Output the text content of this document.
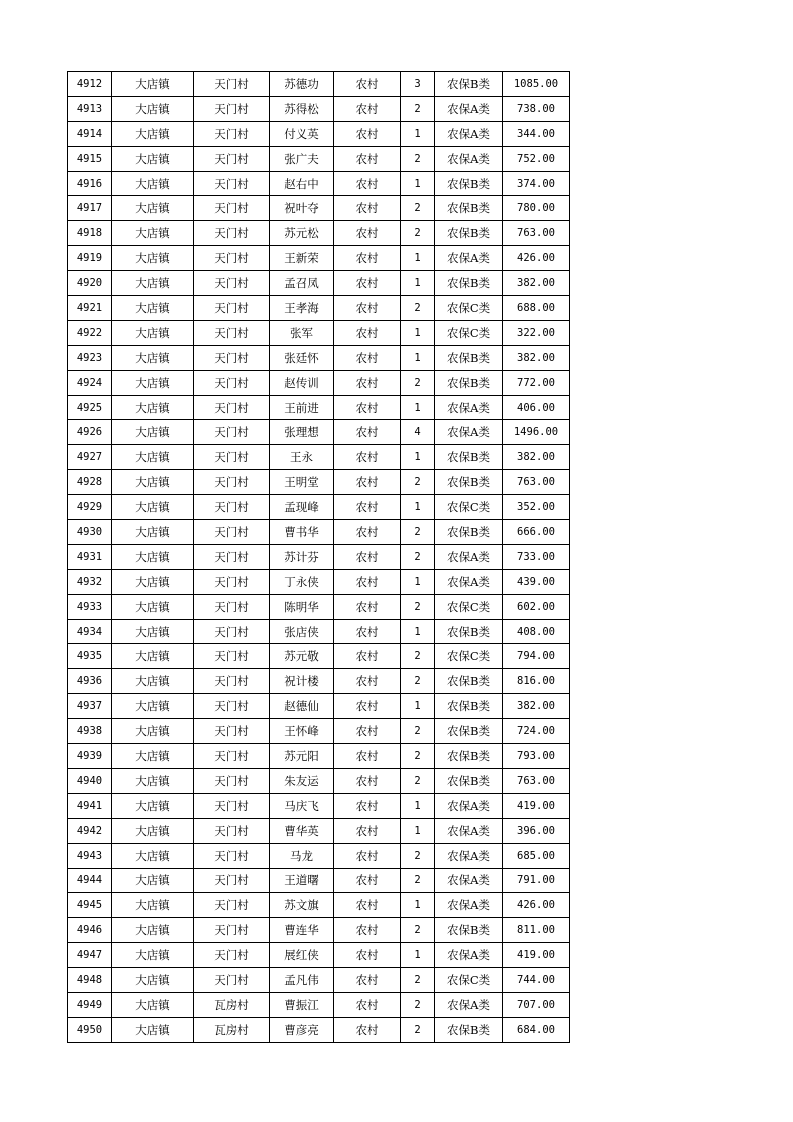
4912	大店镇	天门村	苏德功	农村	3	农保B类	1085.00
4913	大店镇	天门村	苏得松	农村	2	农保A类	738.00
4914	大店镇	天门村	付义英	农村	1	农保A类	344.00
4915	大店镇	天门村	张广夫	农村	2	农保A类	752.00
4916	大店镇	天门村	赵右中	农村	1	农保B类	374.00
4917	大店镇	天门村	祝叶夺	农村	2	农保B类	780.00
4918	大店镇	天门村	苏元松	农村	2	农保B类	763.00
4919	大店镇	天门村	王新荣	农村	1	农保A类	426.00
4920	大店镇	天门村	孟召凤	农村	1	农保B类	382.00
4921	大店镇	天门村	王孝海	农村	2	农保C类	688.00
4922	大店镇	天门村	张军	农村	1	农保C类	322.00
4923	大店镇	天门村	张廷怀	农村	1	农保B类	382.00
4924	大店镇	天门村	赵传训	农村	2	农保B类	772.00
4925	大店镇	天门村	王前进	农村	1	农保A类	406.00
4926	大店镇	天门村	张理想	农村	4	农保A类	1496.00
4927	大店镇	天门村	王永	农村	1	农保B类	382.00
4928	大店镇	天门村	王明堂	农村	2	农保B类	763.00
4929	大店镇	天门村	孟现峰	农村	1	农保C类	352.00
4930	大店镇	天门村	曹书华	农村	2	农保B类	666.00
4931	大店镇	天门村	苏计芬	农村	2	农保A类	733.00
4932	大店镇	天门村	丁永侠	农村	1	农保A类	439.00
4933	大店镇	天门村	陈明华	农村	2	农保C类	602.00
4934	大店镇	天门村	张店侠	农村	1	农保B类	408.00
4935	大店镇	天门村	苏元敬	农村	2	农保C类	794.00
4936	大店镇	天门村	祝计楼	农村	2	农保B类	816.00
4937	大店镇	天门村	赵德仙	农村	1	农保B类	382.00
4938	大店镇	天门村	王怀峰	农村	2	农保B类	724.00
4939	大店镇	天门村	苏元阳	农村	2	农保B类	793.00
4940	大店镇	天门村	朱友运	农村	2	农保B类	763.00
4941	大店镇	天门村	马庆飞	农村	1	农保A类	419.00
4942	大店镇	天门村	曹华英	农村	1	农保A类	396.00
4943	大店镇	天门村	马龙	农村	2	农保A类	685.00
4944	大店镇	天门村	王道曙	农村	2	农保A类	791.00
4945	大店镇	天门村	苏文旗	农村	1	农保A类	426.00
4946	大店镇	天门村	曹连华	农村	2	农保B类	811.00
4947	大店镇	天门村	展红侠	农村	1	农保A类	419.00
4948	大店镇	天门村	孟凡伟	农村	2	农保C类	744.00
4949	大店镇	瓦房村	曹振江	农村	2	农保A类	707.00
4950	大店镇	瓦房村	曹彦亮	农村	2	农保B类	684.00
